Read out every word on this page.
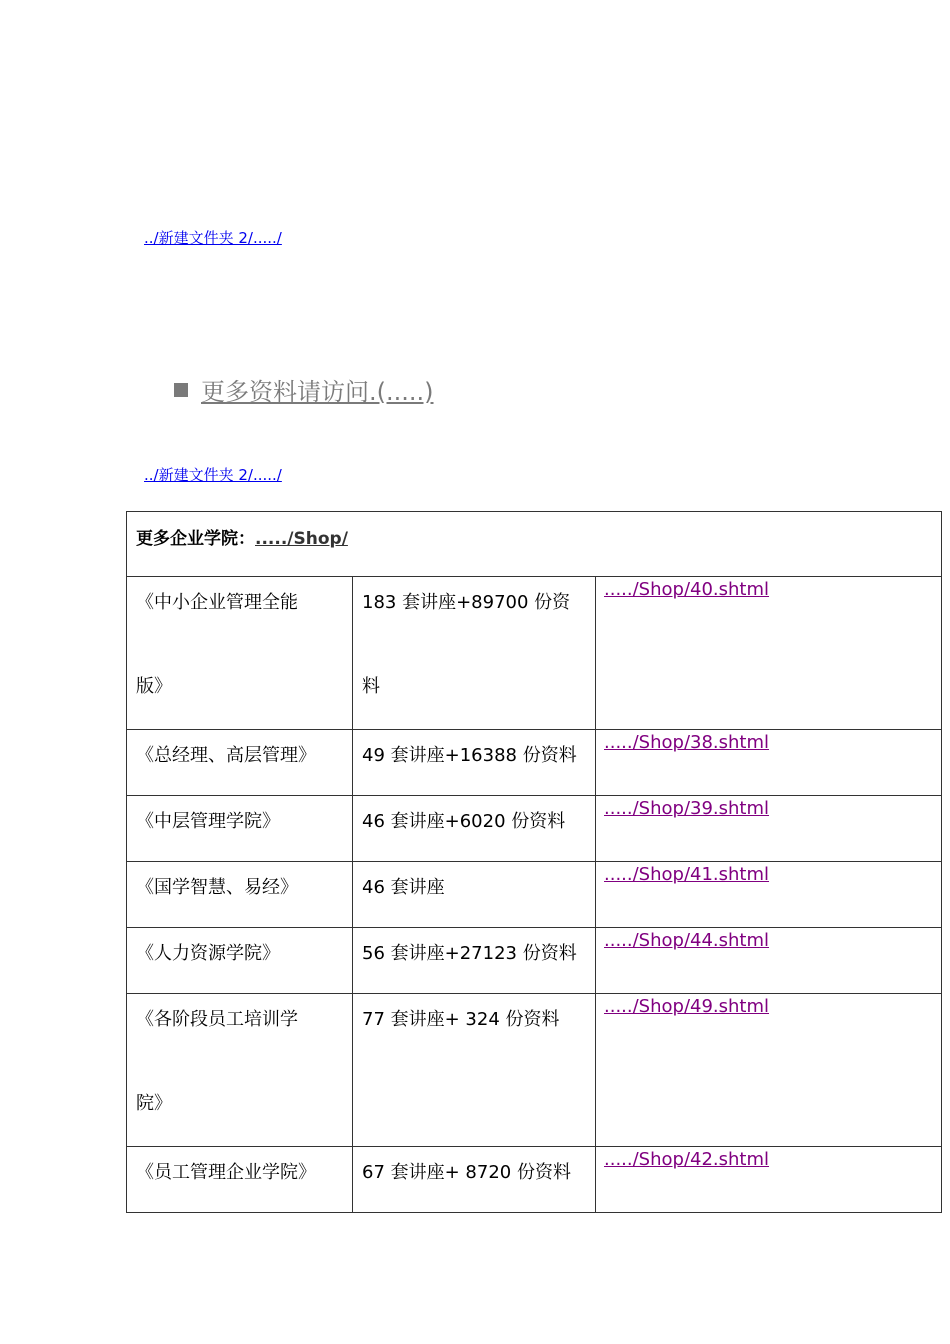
../新建文件夹 2/...../
更多资料请访问.(.....)
../新建文件夹 2/...../
更多企业学院：...../Shop/		

《中小企业管理全能版》	183 套讲座+89700 份资料	...../Shop/40.shtml

《总经理、高层管理》	49 套讲座+16388 份资料	...../Shop/38.shtml

《中层管理学院》	46 套讲座+6020 份资料	...../Shop/39.shtml

《国学智慧、易经》	46 套讲座	...../Shop/41.shtml

《人力资源学院》	56 套讲座+27123 份资料	...../Shop/44.shtml

《各阶段员工培训学院》	77 套讲座+ 324 份资料	...../Shop/49.shtml

《员工管理企业学院》	67 套讲座+ 8720 份资料	...../Shop/42.shtml
